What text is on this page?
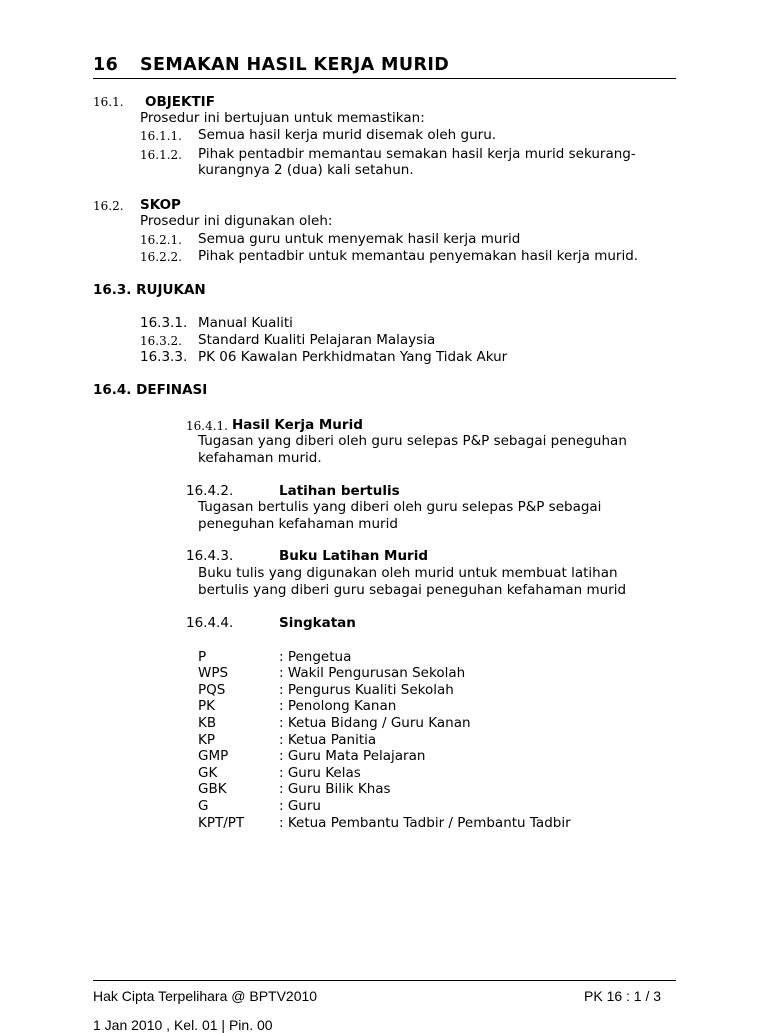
16 SEMAKAN HASIL KERJA MURID
16.1. OBJEKTIF
Prosedur ini bertujuan untuk memastikan:
16.1.1. Semua hasil kerja murid disemak oleh guru.
16.1.2. Pihak pentadbir memantau semakan hasil kerja murid sekurang-
kurangnya 2 (dua) kali setahun.
16.2. SKOP
Prosedur ini digunakan oleh:
16.2.1. Semua guru untuk menyemak hasil kerja murid
16.2.2. Pihak pentadbir untuk memantau penyemakan hasil kerja murid.
16.3. RUJUKAN
16.3.1. Manual Kualiti
16.3.2. Standard Kualiti Pelajaran Malaysia
16.3.3. PK 06 Kawalan Perkhidmatan Yang Tidak Akur
16.4. DEFINASI
16.4.1. Hasil Kerja Murid
Tugasan yang diberi oleh guru selepas P&P sebagai peneguhan
kefahaman murid.
16.4.2.	Latihan bertulis
Tugasan bertulis yang diberi oleh guru selepas P&P sebagai
peneguhan kefahaman murid
16.4.3.	Buku Latihan Murid
Buku tulis yang digunakan oleh murid untuk membuat latihan
bertulis yang diberi guru sebagai peneguhan kefahaman murid
16.4.4.	Singkatan
P	: Pengetua
WPS	: Wakil Pengurusan Sekolah
PQS	: Pengurus Kualiti Sekolah
PK	: Penolong Kanan
KB	: Ketua Bidang / Guru Kanan
KP	: Ketua Panitia
GMP	: Guru Mata Pelajaran
GK	: Guru Kelas
GBK	: Guru Bilik Khas
G	: Guru
KPT/PT	: Ketua Pembantu Tadbir / Pembantu Tadbir
Hak Cipta Terpelihara @ BPTV2010	PK 16 : 1 / 3
1 Jan 2010 , Kel. 01 | Pin. 00
